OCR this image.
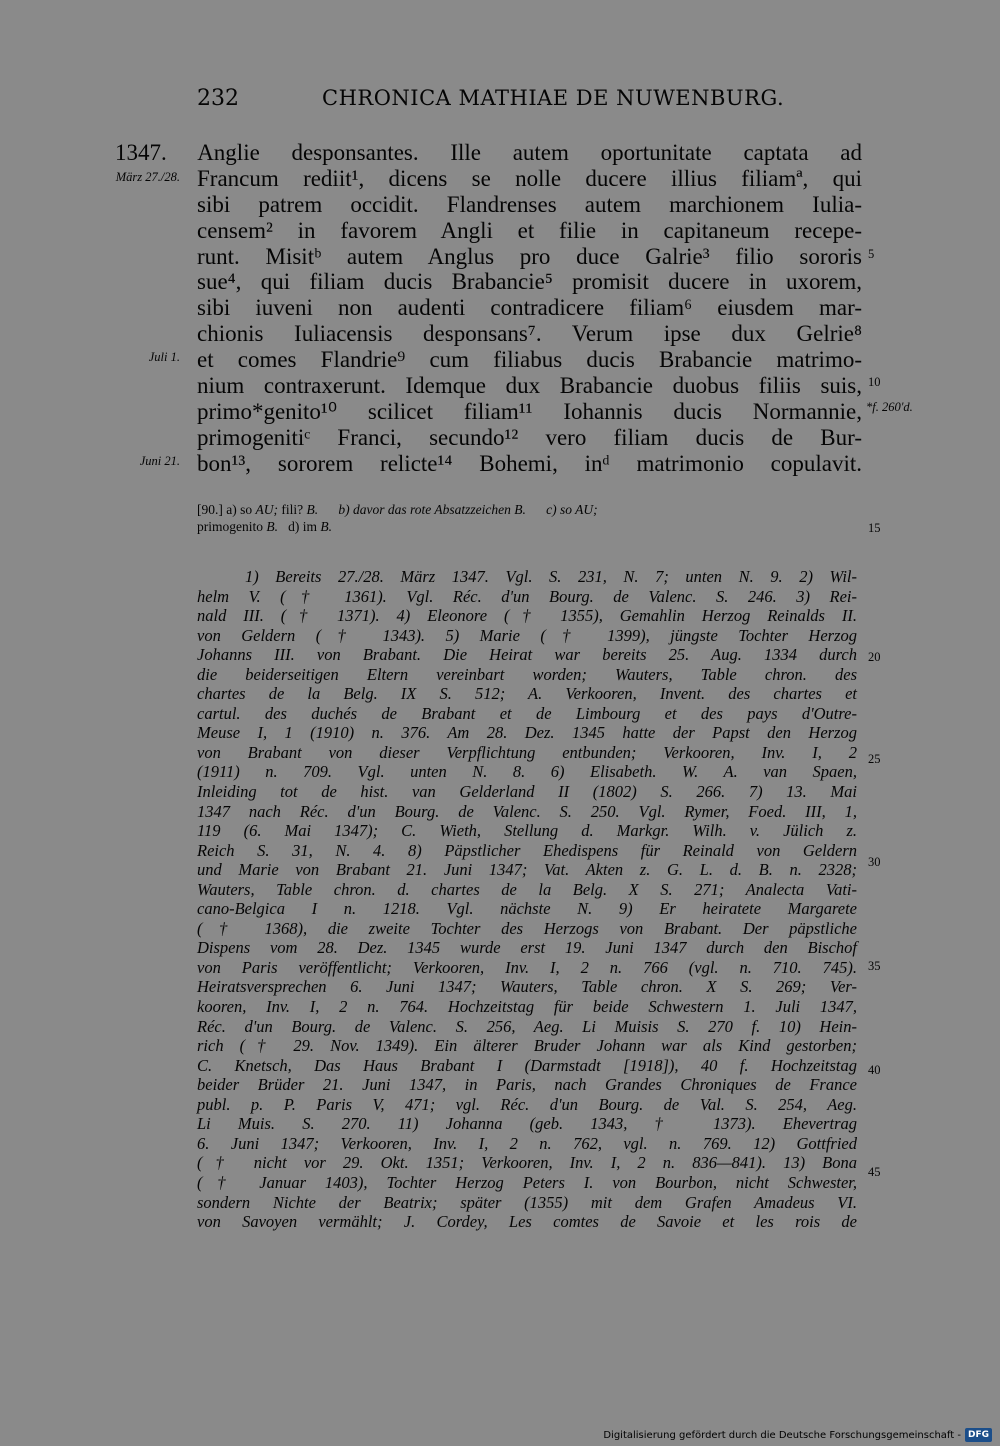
232	CHRONICA MATHIAE DE NUWENBURG.
März 27./28.
Juli 1.
Juni 21.
1347. Anglie desponsantes. Ille autem oportunitate captata ad
Francum rediit¹, dicens se nolle ducere illius filiamª, qui
sibi patrem occidit. Flandrenses autem marchionem Iulia-
censem² in favorem Angli et filie in capitaneum recepe-
runt. Misitᵇ autem Anglus pro duce Galrie³ filio sororis
sue⁴, qui filiam ducis Brabancie⁵ promisit ducere in uxorem,
sibi iuveni non audenti contradicere filiam⁶ eiusdem mar-
chionis Iuliacensis desponsans⁷. Verum ipse dux Gelrie⁸
et comes Flandrie⁹ cum filiabus ducis Brabancie matrimo-
nium contraxerunt. Idemque dux Brabancie duobus filiis suis,
primo*genito¹⁰ scilicet filiam¹¹ Iohannis ducis Normannie,
primogenitiᶜ Franci, secundo¹² vero filiam ducis de Bur-
bon¹³, sororem relicte¹⁴ Bohemi, inᵈ matrimonio copulavit.
5
10
*f. 260'd.
15
20
25
30
35
40
45
[90.] a) so AU; fili? B.      b) davor das rote Absatzzeichen B.      c) so AU;
primogenito B.   d) im B.
1) Bereits 27./28. März 1347. Vgl. S. 231, N. 7; unten N. 9. 2) Wil-
helm V. († 1361). Vgl. Réc. d'un Bourg. de Valenc. S. 246. 3) Rei-
nald III. († 1371). 4) Eleonore († 1355), Gemahlin Herzog Reinalds II.
von Geldern († 1343). 5) Marie († 1399), jüngste Tochter Herzog
Johanns III. von Brabant. Die Heirat war bereits 25. Aug. 1334 durch
die beiderseitigen Eltern vereinbart worden; Wauters, Table chron. des
chartes de la Belg. IX S. 512; A. Verkooren, Invent. des chartes et
cartul. des duchés de Brabant et de Limbourg et des pays d'Outre-
Meuse I, 1 (1910) n. 376. Am 28. Dez. 1345 hatte der Papst den Herzog
von Brabant von dieser Verpflichtung entbunden; Verkooren, Inv. I, 2
(1911) n. 709. Vgl. unten N. 8. 6) Elisabeth. W. A. van Spaen,
Inleiding tot de hist. van Gelderland II (1802) S. 266. 7) 13. Mai
1347 nach Réc. d'un Bourg. de Valenc. S. 250. Vgl. Rymer, Foed. III, 1,
119 (6. Mai 1347); C. Wieth, Stellung d. Markgr. Wilh. v. Jülich z.
Reich S. 31, N. 4. 8) Päpstlicher Ehedispens für Reinald von Geldern
und Marie von Brabant 21. Juni 1347; Vat. Akten z. G. L. d. B. n. 2328;
Wauters, Table chron. d. chartes de la Belg. X S. 271; Analecta Vati-
cano-Belgica I n. 1218. Vgl. nächste N. 9) Er heiratete Margarete
(† 1368), die zweite Tochter des Herzogs von Brabant. Der päpstliche
Dispens vom 28. Dez. 1345 wurde erst 19. Juni 1347 durch den Bischof
von Paris veröffentlicht; Verkooren, Inv. I, 2 n. 766 (vgl. n. 710. 745).
Heiratsversprechen 6. Juni 1347; Wauters, Table chron. X S. 269; Ver-
kooren, Inv. I, 2 n. 764. Hochzeitstag für beide Schwestern 1. Juli 1347,
Réc. d'un Bourg. de Valenc. S. 256, Aeg. Li Muisis S. 270 f. 10) Hein-
rich († 29. Nov. 1349). Ein älterer Bruder Johann war als Kind gestorben;
C. Knetsch, Das Haus Brabant I (Darmstadt [1918]), 40 f. Hochzeitstag
beider Brüder 21. Juni 1347, in Paris, nach Grandes Chroniques de France
publ. p. P. Paris V, 471; vgl. Réc. d'un Bourg. de Val. S. 254, Aeg.
Li Muis. S. 270. 11) Johanna (geb. 1343, † 1373). Ehevertrag
6. Juni 1347; Verkooren, Inv. I, 2 n. 762, vgl. n. 769. 12) Gottfried
(† nicht vor 29. Okt. 1351; Verkooren, Inv. I, 2 n. 836—841). 13) Bona
(† Januar 1403), Tochter Herzog Peters I. von Bourbon, nicht Schwester,
sondern Nichte der Beatrix; später (1355) mit dem Grafen Amadeus VI.
von Savoyen vermählt; J. Cordey, Les comtes de Savoie et les rois de
Digitalisierung gefördert durch die Deutsche Forschungsgemeinschaft - DFG
